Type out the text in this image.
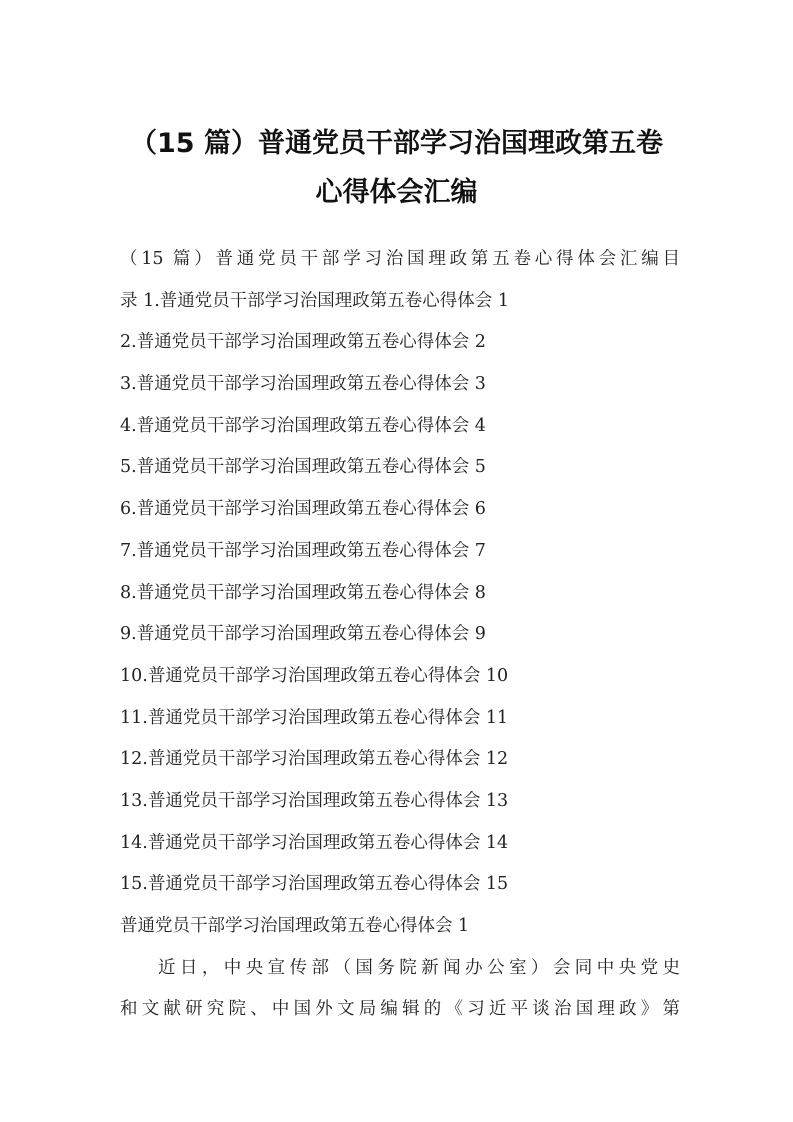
（15 篇）普通党员干部学习治国理政第五卷
心得体会汇编
（15 篇）普通党员干部学习治国理政第五卷心得体会汇编目
录 1.普通党员干部学习治国理政第五卷心得体会 1
2.普通党员干部学习治国理政第五卷心得体会 2
3.普通党员干部学习治国理政第五卷心得体会 3
4.普通党员干部学习治国理政第五卷心得体会 4
5.普通党员干部学习治国理政第五卷心得体会 5
6.普通党员干部学习治国理政第五卷心得体会 6
7.普通党员干部学习治国理政第五卷心得体会 7
8.普通党员干部学习治国理政第五卷心得体会 8
9.普通党员干部学习治国理政第五卷心得体会 9
10.普通党员干部学习治国理政第五卷心得体会 10
11.普通党员干部学习治国理政第五卷心得体会 11
12.普通党员干部学习治国理政第五卷心得体会 12
13.普通党员干部学习治国理政第五卷心得体会 13
14.普通党员干部学习治国理政第五卷心得体会 14
15.普通党员干部学习治国理政第五卷心得体会 15
普通党员干部学习治国理政第五卷心得体会 1
近日，中央宣传部（国务院新闻办公室）会同中央党史
和文献研究院、中国外文局编辑的《习近平谈治国理政》第
